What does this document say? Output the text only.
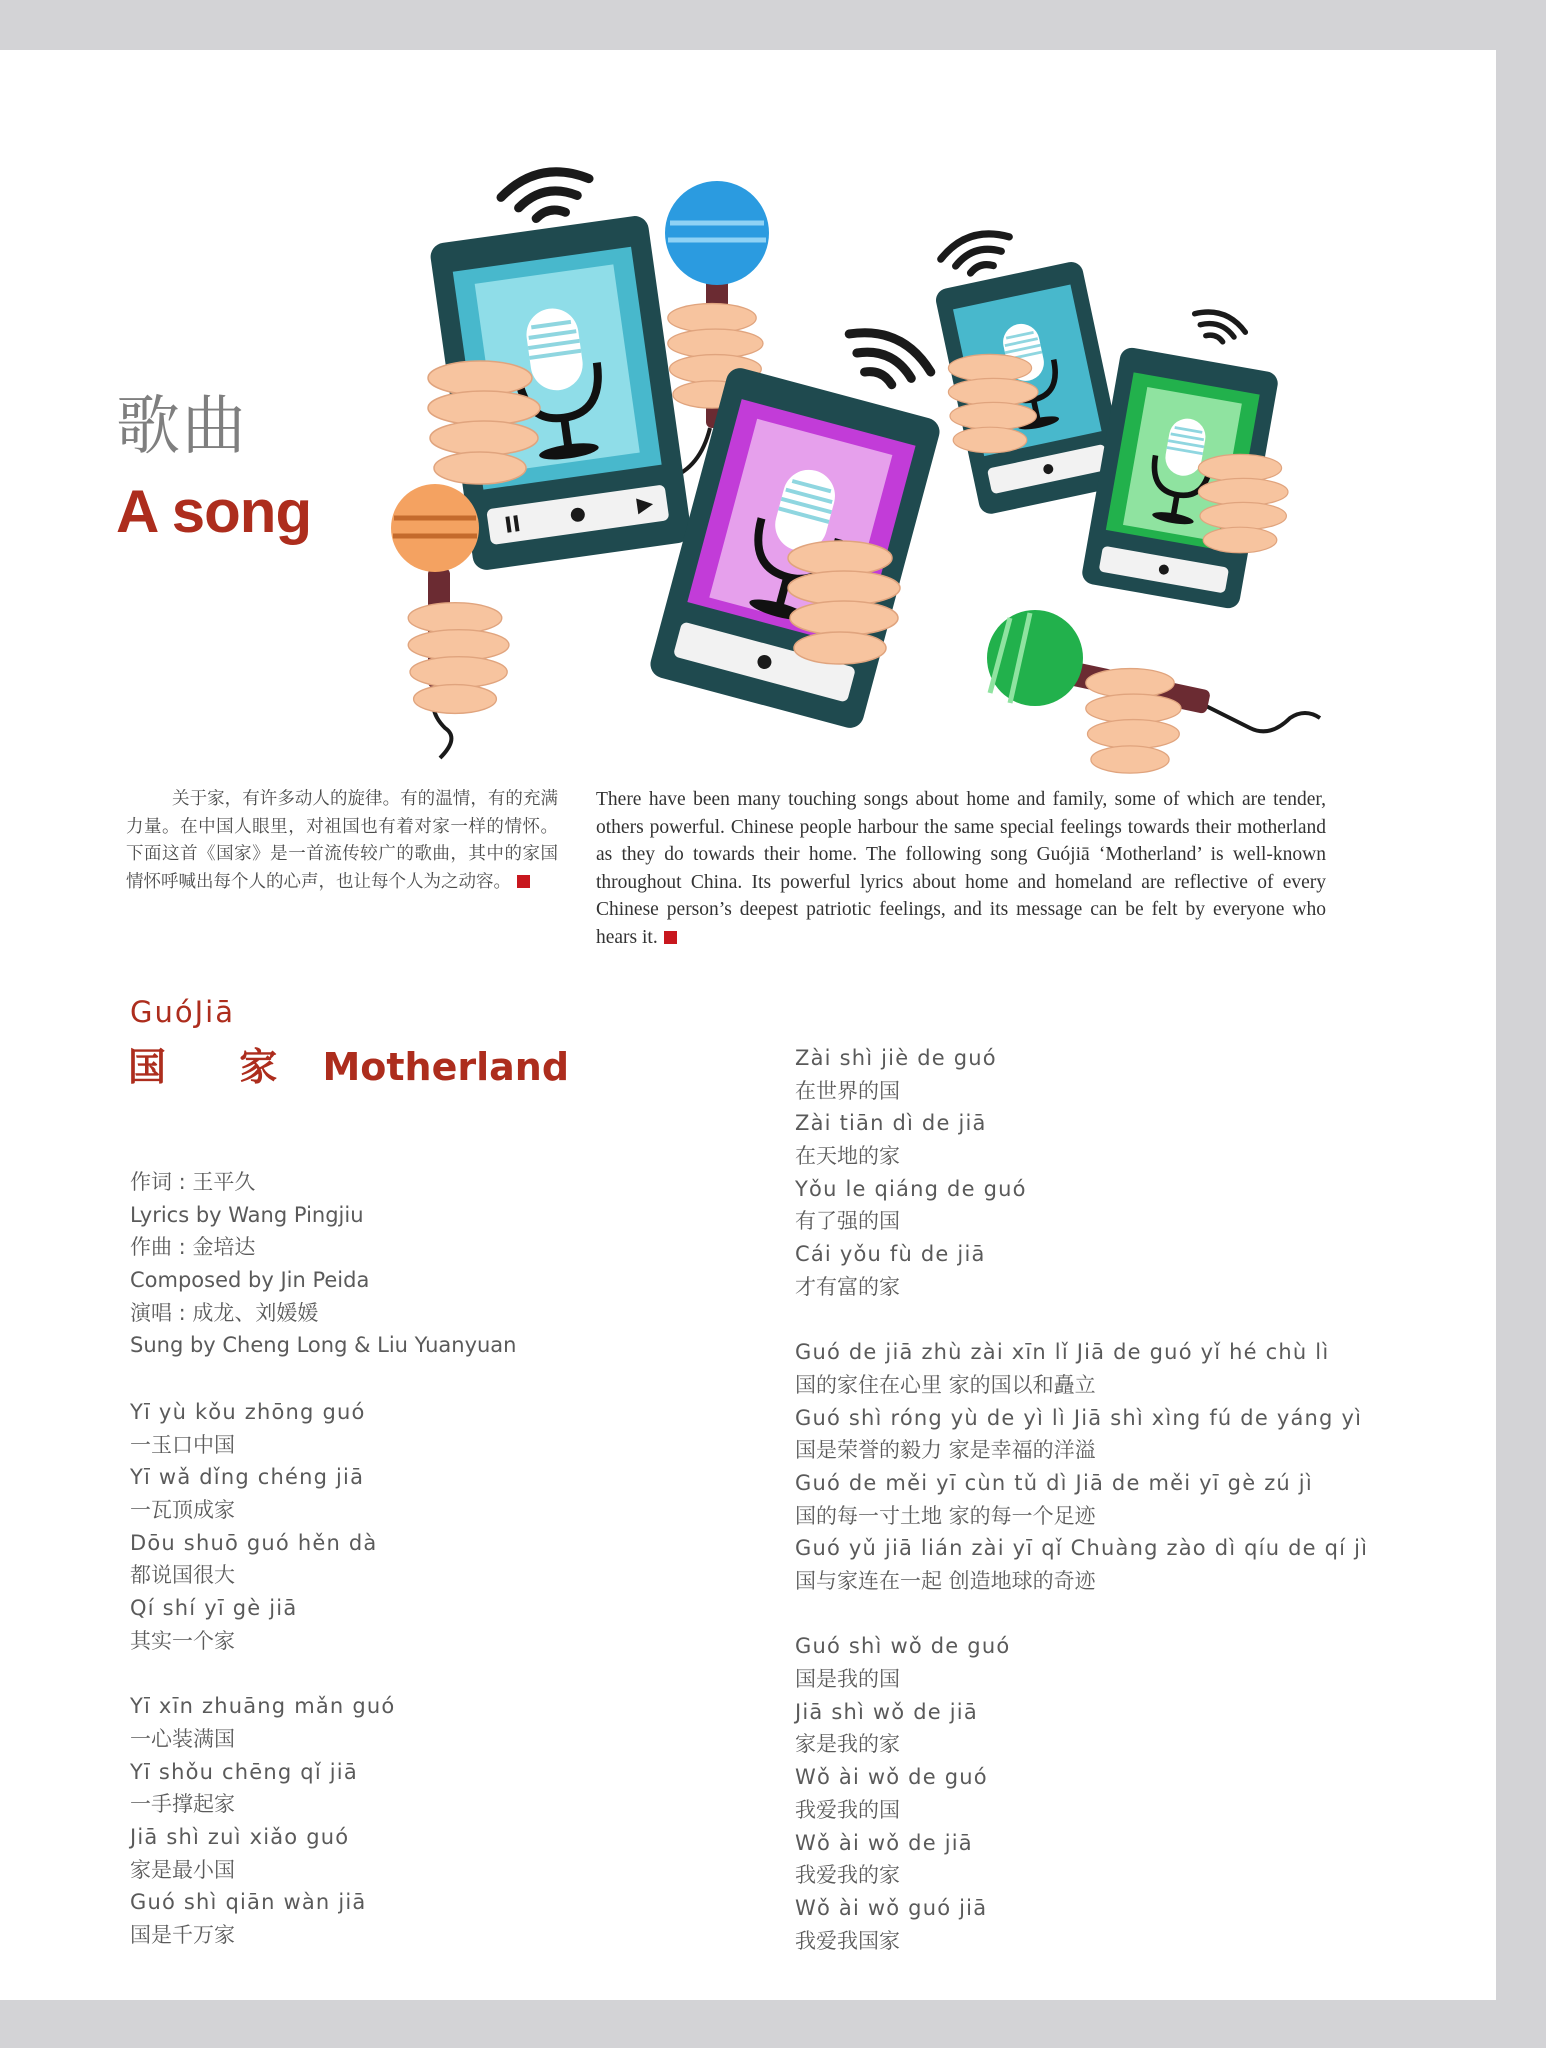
歌曲
A song
关于家，有许多动人的旋律。有的温情，有的充满力量。在中国人眼里，对祖国也有着对家一样的情怀。下面这首《国家》是一首流传较广的歌曲，其中的家国情怀呼喊出每个人的心声，也让每个人为之动容。
There have been many touching songs about home and family, some of which are tender, others powerful. Chinese people harbour the same special feelings towards their motherland as they do towards their home. The following song Guójiā ‘Motherland’ is well-known throughout China. Its powerful lyrics about home and homeland are reflective of every Chinese person’s deepest patriotic feelings, and its message can be felt by everyone who hears it.
GuóJiā
国 家 Motherland
作词 : 王平久
Lyrics by Wang Pingjiu
作曲 : 金培达
Composed by Jin Peida
演唱 : 成龙、刘媛媛
Sung by Cheng Long & Liu Yuanyuan
Yī yù kǒu zhōng guó
一玉口中国
Yī wǎ dǐng chéng jiā
一瓦顶成家
Dōu shuō guó hěn dà
都说国很大
Qí shí yī gè jiā
其实一个家
Yī xīn zhuāng mǎn guó
一心装满国
Yī shǒu chēng qǐ jiā
一手撑起家
Jiā shì zuì xiǎo guó
家是最小国
Guó shì qiān wàn jiā
国是千万家
Zài shì jiè de guó
在世界的国
Zài tiān dì de jiā
在天地的家
Yǒu le qiáng de guó
有了强的国
Cái yǒu fù de jiā
才有富的家
Guó de jiā zhù zài xīn lǐ Jiā de guó yǐ hé chù lì
国的家住在心里 家的国以和矗立
Guó shì róng yù de yì lì Jiā shì xìng fú de yáng yì
国是荣誉的毅力 家是幸福的洋溢
Guó de měi yī cùn tǔ dì Jiā de měi yī gè zú jì
国的每一寸土地 家的每一个足迹
Guó yǔ jiā lián zài yī qǐ Chuàng zào dì qíu de qí jì
国与家连在一起 创造地球的奇迹
Guó shì wǒ de guó
国是我的国
Jiā shì wǒ de jiā
家是我的家
Wǒ ài wǒ de guó
我爱我的国
Wǒ ài wǒ de jiā
我爱我的家
Wǒ ài wǒ guó jiā
我爱我国家
